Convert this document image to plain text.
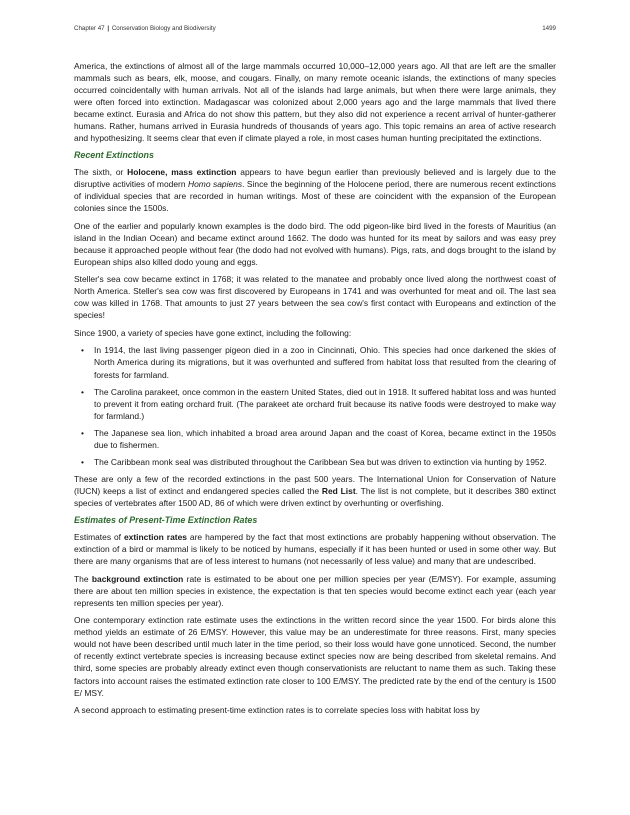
Chapter 47 | Conservation Biology and Biodiversity	1499

America, the extinctions of almost all of the large mammals occurred 10,000–12,000 years ago. All that are left are the smaller mammals such as bears, elk, moose, and cougars. Finally, on many remote oceanic islands, the extinctions of many species occurred coincidentally with human arrivals. Not all of the islands had large animals, but when there were large animals, they were often forced into extinction. Madagascar was colonized about 2,000 years ago and the large mammals that lived there became extinct. Eurasia and Africa do not show this pattern, but they also did not experience a recent arrival of hunter-gatherer humans. Rather, humans arrived in Eurasia hundreds of thousands of years ago. This topic remains an area of active research and hypothesizing. It seems clear that even if climate played a role, in most cases human hunting precipitated the extinctions.

Recent Extinctions

The sixth, or Holocene, mass extinction appears to have begun earlier than previously believed and is largely due to the disruptive activities of modern Homo sapiens. Since the beginning of the Holocene period, there are numerous recent extinctions of individual species that are recorded in human writings. Most of these are coincident with the expansion of the European colonies since the 1500s.

One of the earlier and popularly known examples is the dodo bird. The odd pigeon-like bird lived in the forests of Mauritius (an island in the Indian Ocean) and became extinct around 1662. The dodo was hunted for its meat by sailors and was easy prey because it approached people without fear (the dodo had not evolved with humans). Pigs, rats, and dogs brought to the island by European ships also killed dodo young and eggs.

Steller's sea cow became extinct in 1768; it was related to the manatee and probably once lived along the northwest coast of North America. Steller's sea cow was first discovered by Europeans in 1741 and was overhunted for meat and oil. The last sea cow was killed in 1768. That amounts to just 27 years between the sea cow's first contact with Europeans and extinction of the species!

Since 1900, a variety of species have gone extinct, including the following:

• In 1914, the last living passenger pigeon died in a zoo in Cincinnati, Ohio. This species had once darkened the skies of North America during its migrations, but it was overhunted and suffered from habitat loss that resulted from the clearing of forests for farmland.
• The Carolina parakeet, once common in the eastern United States, died out in 1918. It suffered habitat loss and was hunted to prevent it from eating orchard fruit. (The parakeet ate orchard fruit because its native foods were destroyed to make way for farmland.)
• The Japanese sea lion, which inhabited a broad area around Japan and the coast of Korea, became extinct in the 1950s due to fishermen.
• The Caribbean monk seal was distributed throughout the Caribbean Sea but was driven to extinction via hunting by 1952.

These are only a few of the recorded extinctions in the past 500 years. The International Union for Conservation of Nature (IUCN) keeps a list of extinct and endangered species called the Red List. The list is not complete, but it describes 380 extinct species of vertebrates after 1500 AD, 86 of which were driven extinct by overhunting or overfishing.

Estimates of Present-Time Extinction Rates

Estimates of extinction rates are hampered by the fact that most extinctions are probably happening without observation. The extinction of a bird or mammal is likely to be noticed by humans, especially if it has been hunted or used in some other way. But there are many organisms that are of less interest to humans (not necessarily of less value) and many that are undescribed.

The background extinction rate is estimated to be about one per million species per year (E/MSY). For example, assuming there are about ten million species in existence, the expectation is that ten species would become extinct each year (each year represents ten million species per year).

One contemporary extinction rate estimate uses the extinctions in the written record since the year 1500. For birds alone this method yields an estimate of 26 E/MSY. However, this value may be an underestimate for three reasons. First, many species would not have been described until much later in the time period, so their loss would have gone unnoticed. Second, the number of recently extinct vertebrate species is increasing because extinct species now are being described from skeletal remains. And third, some species are probably already extinct even though conservationists are reluctant to name them as such. Taking these factors into account raises the estimated extinction rate closer to 100 E/MSY. The predicted rate by the end of the century is 1500 E/ MSY.

A second approach to estimating present-time extinction rates is to correlate species loss with habitat loss by
